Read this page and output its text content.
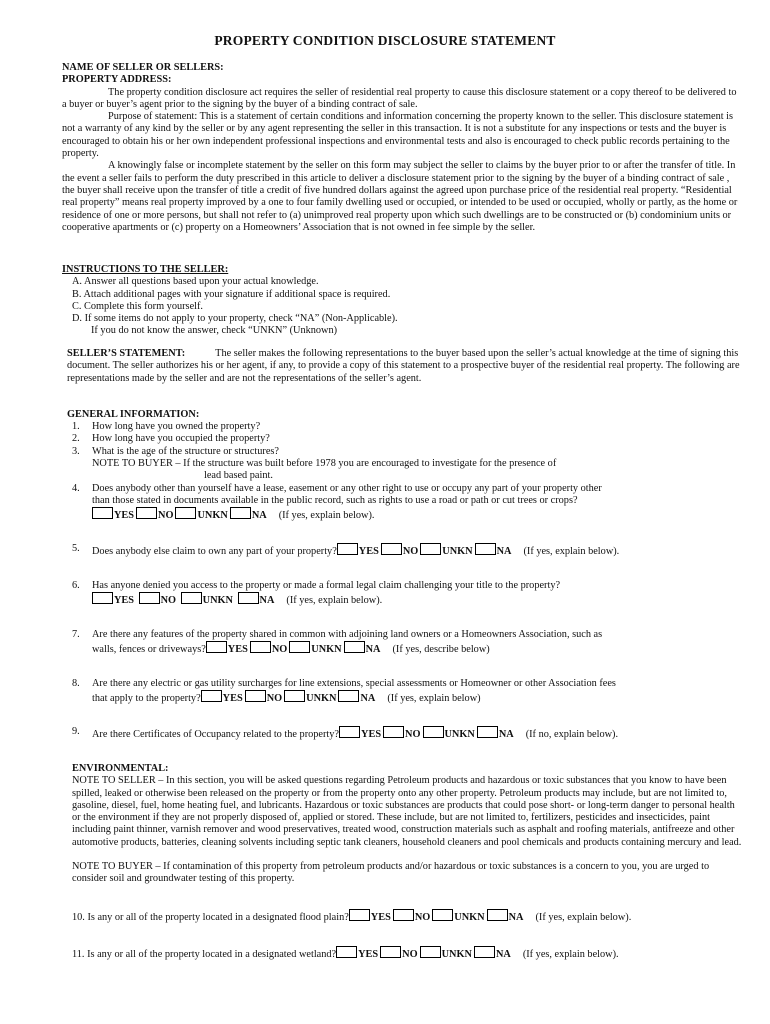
PROPERTY CONDITION DISCLOSURE STATEMENT

NAME OF SELLER OR SELLERS:

PROPERTY ADDRESS:

The property condition disclosure act requires the seller of residential real property to cause this disclosure statement or a copy thereof to be delivered to a buyer or buyer’s agent prior to the signing by the buyer of a binding contract of sale.

Purpose of statement: This is a statement of certain conditions and information concerning the property known to the seller. This disclosure statement is not a warranty of any kind by the seller or by any agent representing the seller in this transaction. It is not a substitute for any inspections or tests and the buyer is encouraged to obtain his or her own independent professional inspections and environmental tests and also is encouraged to check public records pertaining to the property.

A knowingly false or incomplete statement by the seller on this form may subject the seller to claims by the buyer prior to or after the transfer of title. In the event a seller fails to perform the duty prescribed in this article to deliver a disclosure statement prior to the signing by the buyer of a binding contract of sale , the buyer shall receive upon the transfer of title a credit of five hundred dollars against the agreed upon purchase price of the residential real property. “Residential real property” means real property improved by a one to four family dwelling used or occupied, or intended to be used or occupied, wholly or partly, as the home or residence of one or more persons, but shall not refer to (a) unimproved real property upon which such dwellings are to be constructed or (b) condominium units or cooperative apartments or (c) property on a Homeowners’ Association that is not owned in fee simple by the seller.

INSTRUCTIONS TO THE SELLER:

A. Answer all questions based upon your actual knowledge.

B. Attach additional pages with your signature if additional space is required.

C. Complete this form yourself.

D. If some items do not apply to your property, check “NA” (Non-Applicable).

If you do not know the answer, check “UNKN” (Unknown)

SELLER’S STATEMENT:	The seller makes the following representations to the buyer based upon the seller’s actual knowledge at the time of signing this document. The seller authorizes his or her agent, if any, to provide a copy of this statement to a prospective buyer of the residential real property. The following are representations made by the seller and are not the representations of the seller’s agent.

GENERAL INFORMATION:
1. How long have you owned the property?
2. How long have you occupied the property?
3. What is the age of the structure or structures?
NOTE TO BUYER – If the structure was built before 1978 you are encouraged to investigate for the presence of
lead based paint.
4. Does anybody other than yourself have a lease, easement or any other right to use or occupy any part of your property other
than those stated in documents available in the public record, such as rights to use a road or path or cut trees or crops?
YES NO UNKN NA (If yes, explain below).
5. Does anybody else claim to own any part of your property? YES NO UNKN NA (If yes, explain below).
6. Has anyone denied you access to the property or made a formal legal claim challenging your title to the property?
YES	NO	UNKN	NA (If yes, explain below).
7. Are there any features of the property shared in common with adjoining land owners or a Homeowners Association, such as
walls, fences or driveways? YES NO UNKN NA (If yes, describe below)
8. Are there any electric or gas utility surcharges for line extensions, special assessments or Homeowner or other Association fees
that apply to the property? YES NO UNKN NA (If yes, explain below)
9. Are there Certificates of Occupancy related to the property? YES NO UNKN NA (If no, explain below).

ENVIRONMENTAL:

NOTE TO SELLER – In this section, you will be asked questions regarding Petroleum products and hazardous or toxic substances that you know to have been spilled, leaked or otherwise been released on the property or from the property onto any other property. Petroleum products may include, but are not limited to, gasoline, diesel, fuel, home heating fuel, and lubricants. Hazardous or toxic substances are products that could pose short- or long-term danger to personal health or the environment if they are not properly disposed of, applied or stored. These include, but are not limited to, fertilizers, pesticides and insecticides, paint including paint thinner, varnish remover and wood preservatives, treated wood, construction materials such as asphalt and roofing materials, antifreeze and other automotive products, batteries, cleaning solvents including septic tank cleaners, household cleaners and pool chemicals and products containing mercury and lead.

NOTE TO BUYER – If contamination of this property from petroleum products and/or hazardous or toxic substances is a concern to you, you are urged to consider soil and groundwater testing of this property.

10. Is any or all of the property located in a designated flood plain? YES NO UNKN NA (If yes, explain below).
11. Is any or all of the property located in a designated wetland? YES NO UNKN NA (If yes, explain below).
